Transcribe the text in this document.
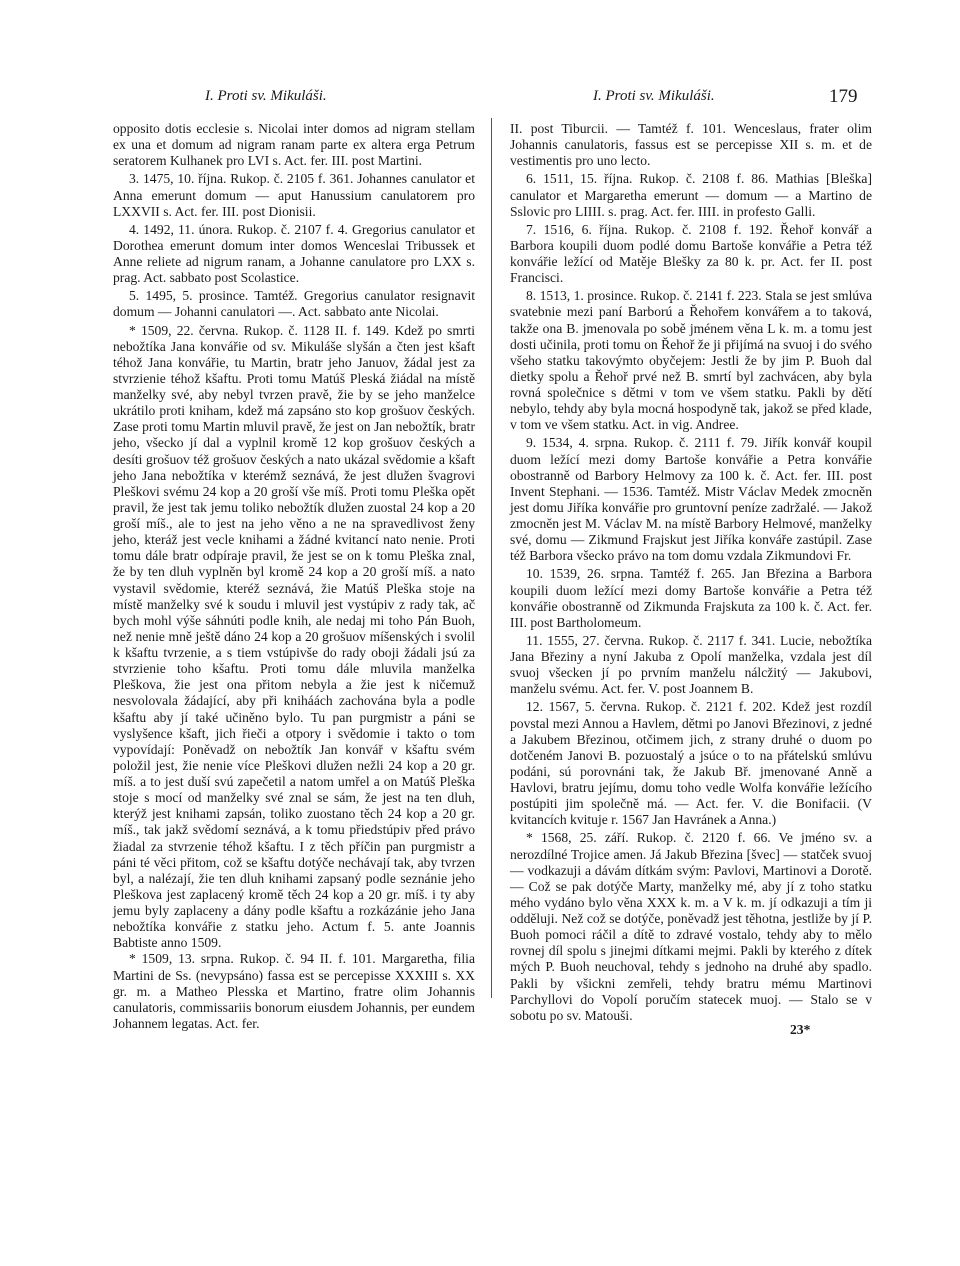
I. Proti sv. Mikuláši.	I. Proti sv. Mikuláši.	179

opposito dotis ecclesie s. Nicolai inter domos ad nigram stellam ex una et domum ad nigram ranam parte ex altera erga Petrum seratorem Kulhanek pro LVI s. Act. fer. III. post Martini.

3. 1475, 10. října. Rukop. č. 2105 f. 361. Johannes canulator et Anna emerunt domum — aput Hanussium canulatorem pro LXXVII s. Act. fer. III. post Dionisii.

4. 1492, 11. února. Rukop. č. 2107 f. 4. Gregorius canulator et Dorothea emerunt domum inter domos Wenceslai Tribussek et Anne reliete ad nigrum ranam, a Johanne canulatore pro LXX s. prag. Act. sabbato post Scolastice.

5. 1495, 5. prosince. Tamtéž. Gregorius canulator resignavit domum — Johanni canulatori —. Act. sabbato ante Nicolai.

* 1509, 22. června. Rukop. č. 1128 II. f. 149. Kdež po smrti nebožtíka Jana konvářie od sv. Mikuláše slyšán a čten jest kšaft téhož Jana konvářie, tu Martin, bratr jeho Januov, žádal jest za stvrzienie téhož kšaftu. Proti tomu Matúš Pleská žiádal na místě manželky své, aby nebyl tvrzen pravě, žie by se jeho manželce ukrátilo proti kniham, kdež má zapsáno sto kop grošuov českých. Zase proti tomu Martin mluvil pravě, že jest on Jan nebožtík, bratr jeho, všecko jí dal a vyplnil kromě 12 kop grošuov českých a desíti grošuov též grošuov českých a nato ukázal svědomie a kšaft jeho Jana nebožtíka v kterémž seznává, že jest dlužen švagrovi Pleškovi svému 24 kop a 20 groší vše míš. Proti tomu Pleška opět pravil, že jest tak jemu toliko nebožtík dlužen zuostal 24 kop a 20 groší míš., ale to jest na jeho věno a ne na spravedlivost ženy jeho, kteráž jest vecle knihami a žádné kvitancí nato nenie. Proti tomu dále bratr odpíraje pravil, že jest se on k tomu Pleška znal, že by ten dluh vyplněn byl kromě 24 kop a 20 groší míš. a nato vystavil svědomie, kteréž seznává, žie Matúš Pleška stoje na místě manželky své k soudu i mluvil jest vystúpiv z rady tak, ač bych mohl výše sáhnúti podle knih, ale nedaj mi toho Pán Buoh, než nenie mně ještě dáno 24 kop a 20 grošuov míšenských i svolil k kšaftu tvrzenie, a s tiem vstúpivše do rady oboji žádali jsú za stvrzienie toho kšaftu. Proti tomu dále mluvila manželka Pleškova, žie jest ona přitom nebyla a žie jest k ničemuž nesvolovala žádající, aby při kniháách zachována byla a podle kšaftu aby jí také učiněno bylo. Tu pan purgmistr a páni se vyslyšence kšaft, jich řieči a otpory i svědomie i takto o tom vypovídají: Poněvadž on nebožtík Jan konvář v kšaftu svém položil jest, žie nenie více Pleškovi dlužen nežli 24 kop a 20 gr. míš. a to jest duší svú zapečetil a natom umřel a on Matúš Pleška stoje s mocí od manželky své znal se sám, že jest na ten dluh, kterýž jest knihami zapsán, toliko zuostano těch 24 kop a 20 gr. míš., tak jakž svědomí seznává, a k tomu přiedstúpiv před právo žiadal za stvrzenie téhož kšaftu. I z těch příčin pan purgmistr a páni té věci přitom, což se kšaftu dotýče nechávají tak, aby tvrzen byl, a nalézají, žie ten dluh knihami zapsaný podle seznánie jeho Pleškova jest zaplacený kromě těch 24 kop a 20 gr. míš. i ty aby jemu byly zaplaceny a dány podle kšaftu a rozkázánie jeho Jana nebožtíka konvářie z statku jeho. Actum f. 5. ante Joannis Babtiste anno 1509.

* 1509, 13. srpna. Rukop. č. 94 II. f. 101. Margaretha, filia Martini de Ss. (nevypsáno) fassa est se percepisse XXXIII s. XX gr. m. a Matheo Plesska et Martino, fratre olim Johannis canulatoris, commissariis bonorum eiusdem Johannis, per eundem Johannem legatas. Act. fer.

II. post Tiburcii. — Tamtéž f. 101. Wenceslaus, frater olim Johannis canulatoris, fassus est se percepisse XII s. m. et de vestimentis pro uno lecto.

6. 1511, 15. října. Rukop. č. 2108 f. 86. Mathias [Bleška] canulator et Margaretha emerunt — domum — a Martino de Sslovic pro LIIII. s. prag. Act. fer. IIII. in profesto Galli.

7. 1516, 6. října. Rukop. č. 2108 f. 192. Řehoř konvář a Barbora koupili duom podlé domu Bartoše konvářie a Petra též konvářie ležící od Matěje Blešky za 80 k. pr. Act. fer II. post Francisci.

8. 1513, 1. prosince. Rukop. č. 2141 f. 223. Stala se jest smlúva svatebnie mezi paní Barború a Řehořem konvářem a to taková, takže ona B. jmenovala po sobě jménem věna L k. m. a tomu jest dosti učinila, proti tomu on Řehoř že ji přijímá na svuoj i do svého všeho statku takovýmto obyčejem: Jestli že by jim P. Buoh dal dietky spolu a Řehoř prvé než B. smrtí byl zachvácen, aby byla rovná společnice s dětmi v tom ve všem statku. Pakli by dětí nebylo, tehdy aby byla mocná hospodyně tak, jakož se před klade, v tom ve všem statku. Act. in vig. Andree.

9. 1534, 4. srpna. Rukop. č. 2111 f. 79. Jiřík konvář koupil duom ležící mezi domy Bartoše konvářie a Petra konvářie obostranně od Barbory Helmovy za 100 k. č. Act. fer. III. post Invent Stephani. — 1536. Tamtéž. Mistr Václav Medek zmocněn jest domu Jiříka konvářie pro gruntovní peníze zadržalé. — Jakož zmocněn jest M. Václav M. na místě Barbory Helmové, manželky své, domu — Zikmund Frajskut jest Jiříka konváře zastúpil. Zase též Barbora všecko právo na tom domu vzdala Zikmundovi Fr.

10. 1539, 26. srpna. Tamtéž f. 265. Jan Březina a Barbora koupili duom ležící mezi domy Bartoše konvářie a Petra též konvářie obostranně od Zikmunda Frajskuta za 100 k. č. Act. fer. III. post Bartholomeum.

11. 1555, 27. června. Rukop. č. 2117 f. 341. Lucie, nebožtíka Jana Březiny a nyní Jakuba z Opolí manželka, vzdala jest díl svuoj všecken jí po prvním manželu nálcžitý — Jakubovi, manželu svému. Act. fer. V. post Joannem B.

12. 1567, 5. června. Rukop. č. 2121 f. 202. Kdež jest rozdíl povstal mezi Annou a Havlem, dětmi po Janovi Březinovi, z jedné a Jakubem Březinou, otčimem jich, z strany druhé o duom po dotčeném Janovi B. pozuostalý a jsúce o to na přátelskú smlúvu podáni, sú porovnáni tak, že Jakub Bř. jmenované Anně a Havlovi, bratru jejímu, domu toho vedle Wolfa konvářie ležícího postúpiti jim společně má. — Act. fer. V. die Bonifacii. (V kvitancích kvituje r. 1567 Jan Havránek a Anna.)

* 1568, 25. září. Rukop. č. 2120 f. 66. Ve jméno sv. a nerozdílné Trojice amen. Já Jakub Březina [švec] — statček svuoj — vodkazuji a dávám dítkám svým: Pavlovi, Martinovi a Dorotě. — Což se pak dotýče Marty, manželky mé, aby jí z toho statku mého vydáno bylo věna XXX k. m. a V k. m. jí odkazuji a tím ji odděluji. Než což se dotýče, poněvadž jest těhotna, jestliže by jí P. Buoh pomoci ráčil a dítě to zdravé vostalo, tehdy aby to mělo rovnej díl spolu s jinejmi dítkami mejmi. Pakli by kterého z dítek mých P. Buoh neuchoval, tehdy s jednoho na druhé aby spadlo. Pakli by všickni zemřeli, tehdy bratru mému Martinovi Parchyllovi do Vopolí poručím statecek muoj. — Stalo se v sobotu po sv. Matouši.

23*
